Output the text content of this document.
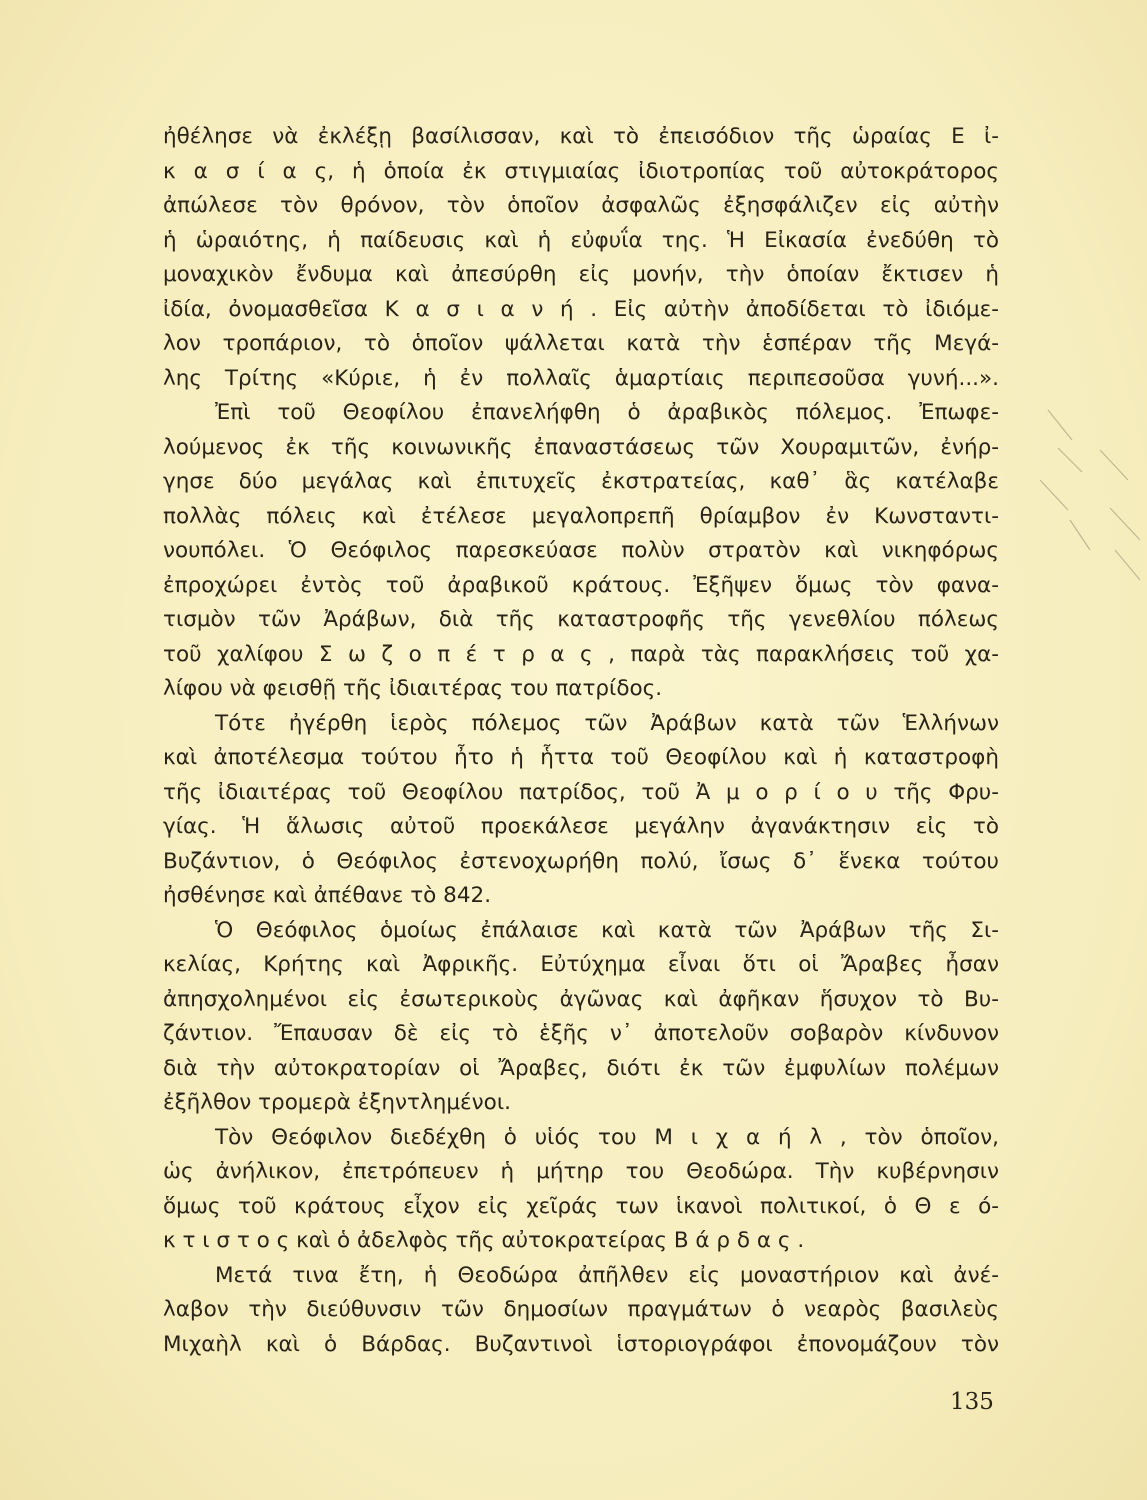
ἠθέλησε νὰ ἐκλέξῃ βασίλισσαν, καὶ τὸ ἐπεισόδιον τῆς ὡραίας Ε ἰ-
κ α σ ί α ς, ἡ ὁποία ἐκ στιγμιαίας ἰδιοτροπίας τοῦ αὐτοκράτορος
ἀπώλεσε τὸν θρόνον, τὸν ὁποῖον ἀσφαλῶς ἐξησφάλιζεν εἰς αὐτὴν
ἡ ὡραιότης, ἡ παίδευσις καὶ ἡ εὐφυΐα της. Ἡ Εἰκασία ἐνεδύθη τὸ
μοναχικὸν ἔνδυμα καὶ ἀπεσύρθη εἰς μονήν, τὴν ὁποίαν ἔκτισεν ἡ
ἰδία, ὀνομασθεῖσα Κ α σ ι α ν ή . Εἰς αὐτὴν ἀποδίδεται τὸ ἰδιόμε-
λον τροπάριον, τὸ ὁποῖον ψάλλεται κατὰ τὴν ἑσπέραν τῆς Μεγά-
λης Τρίτης «Κύριε, ἡ ἐν πολλαῖς ἁμαρτίαις περιπεσοῦσα γυνή...».
Ἐπὶ τοῦ Θεοφίλου ἐπανελήφθη ὁ ἀραβικὸς πόλεμος. Ἐπωφε-
λούμενος ἐκ τῆς κοινωνικῆς ἐπαναστάσεως τῶν Χουραμιτῶν, ἐνήρ-
γησε δύο μεγάλας καὶ ἐπιτυχεῖς ἐκστρατείας, καθ᾽ ἃς κατέλαβε
πολλὰς πόλεις καὶ ἐτέλεσε μεγαλοπρεπῆ θρίαμβον ἐν Κωνσταντι-
νουπόλει. Ὁ Θεόφιλος παρεσκεύασε πολὺν στρατὸν καὶ νικηφόρως
ἐπροχώρει ἐντὸς τοῦ ἀραβικοῦ κράτους. Ἐξῆψεν ὅμως τὸν φανα-
τισμὸν τῶν Ἀράβων, διὰ τῆς καταστροφῆς τῆς γενεθλίου πόλεως
τοῦ χαλίφου Σ ω ζ ο π έ τ ρ α ς , παρὰ τὰς παρακλήσεις τοῦ χα-
λίφου νὰ φεισθῇ τῆς ἰδιαιτέρας του πατρίδος.
Τότε ἠγέρθη ἱερὸς πόλεμος τῶν Ἀράβων κατὰ τῶν Ἑλλήνων
καὶ ἀποτέλεσμα τούτου ἦτο ἡ ἧττα τοῦ Θεοφίλου καὶ ἡ καταστροφὴ
τῆς ἰδιαιτέρας τοῦ Θεοφίλου πατρίδος, τοῦ Ἀ μ ο ρ ί ο υ τῆς Φρυ-
γίας. Ἡ ἅλωσις αὐτοῦ προεκάλεσε μεγάλην ἀγανάκτησιν εἰς τὸ
Βυζάντιον, ὁ Θεόφιλος ἐστενοχωρήθη πολύ, ἴσως δ᾽ ἕνεκα τούτου
ἠσθένησε καὶ ἀπέθανε τὸ 842.
Ὁ Θεόφιλος ὁμοίως ἐπάλαισε καὶ κατὰ τῶν Ἀράβων τῆς Σι-
κελίας, Κρήτης καὶ Ἀφρικῆς. Εὐτύχημα εἶναι ὅτι οἱ Ἄραβες ἦσαν
ἀπησχολημένοι εἰς ἐσωτερικοὺς ἀγῶνας καὶ ἀφῆκαν ἥσυχον τὸ Βυ-
ζάντιον. Ἔπαυσαν δὲ εἰς τὸ ἑξῆς ν᾽ ἀποτελοῦν σοβαρὸν κίνδυνον
διὰ τὴν αὐτοκρατορίαν οἱ Ἄραβες, διότι ἐκ τῶν ἐμφυλίων πολέμων
ἐξῆλθον τρομερὰ ἐξηντλημένοι.
Τὸν Θεόφιλον διεδέχθη ὁ υἱός του Μ ι χ α ή λ , τὸν ὁποῖον,
ὡς ἀνήλικον, ἐπετρόπευεν ἡ μήτηρ του Θεοδώρα. Τὴν κυβέρνησιν
ὅμως τοῦ κράτους εἶχον εἰς χεῖράς των ἱκανοὶ πολιτικοί, ὁ Θ ε ό-
κ τ ι σ τ ο ς καὶ ὁ ἀδελφὸς τῆς αὐτοκρατείρας Β ά ρ δ α ς .
Μετά τινα ἔτη, ἡ Θεοδώρα ἀπῆλθεν εἰς μοναστήριον καὶ ἀνέ-
λαβον τὴν διεύθυνσιν τῶν δημοσίων πραγμάτων ὁ νεαρὸς βασιλεὺς
Μιχαὴλ καὶ ὁ Βάρδας. Βυζαντινοὶ ἱστοριογράφοι ἐπονομάζουν τὸν
135
